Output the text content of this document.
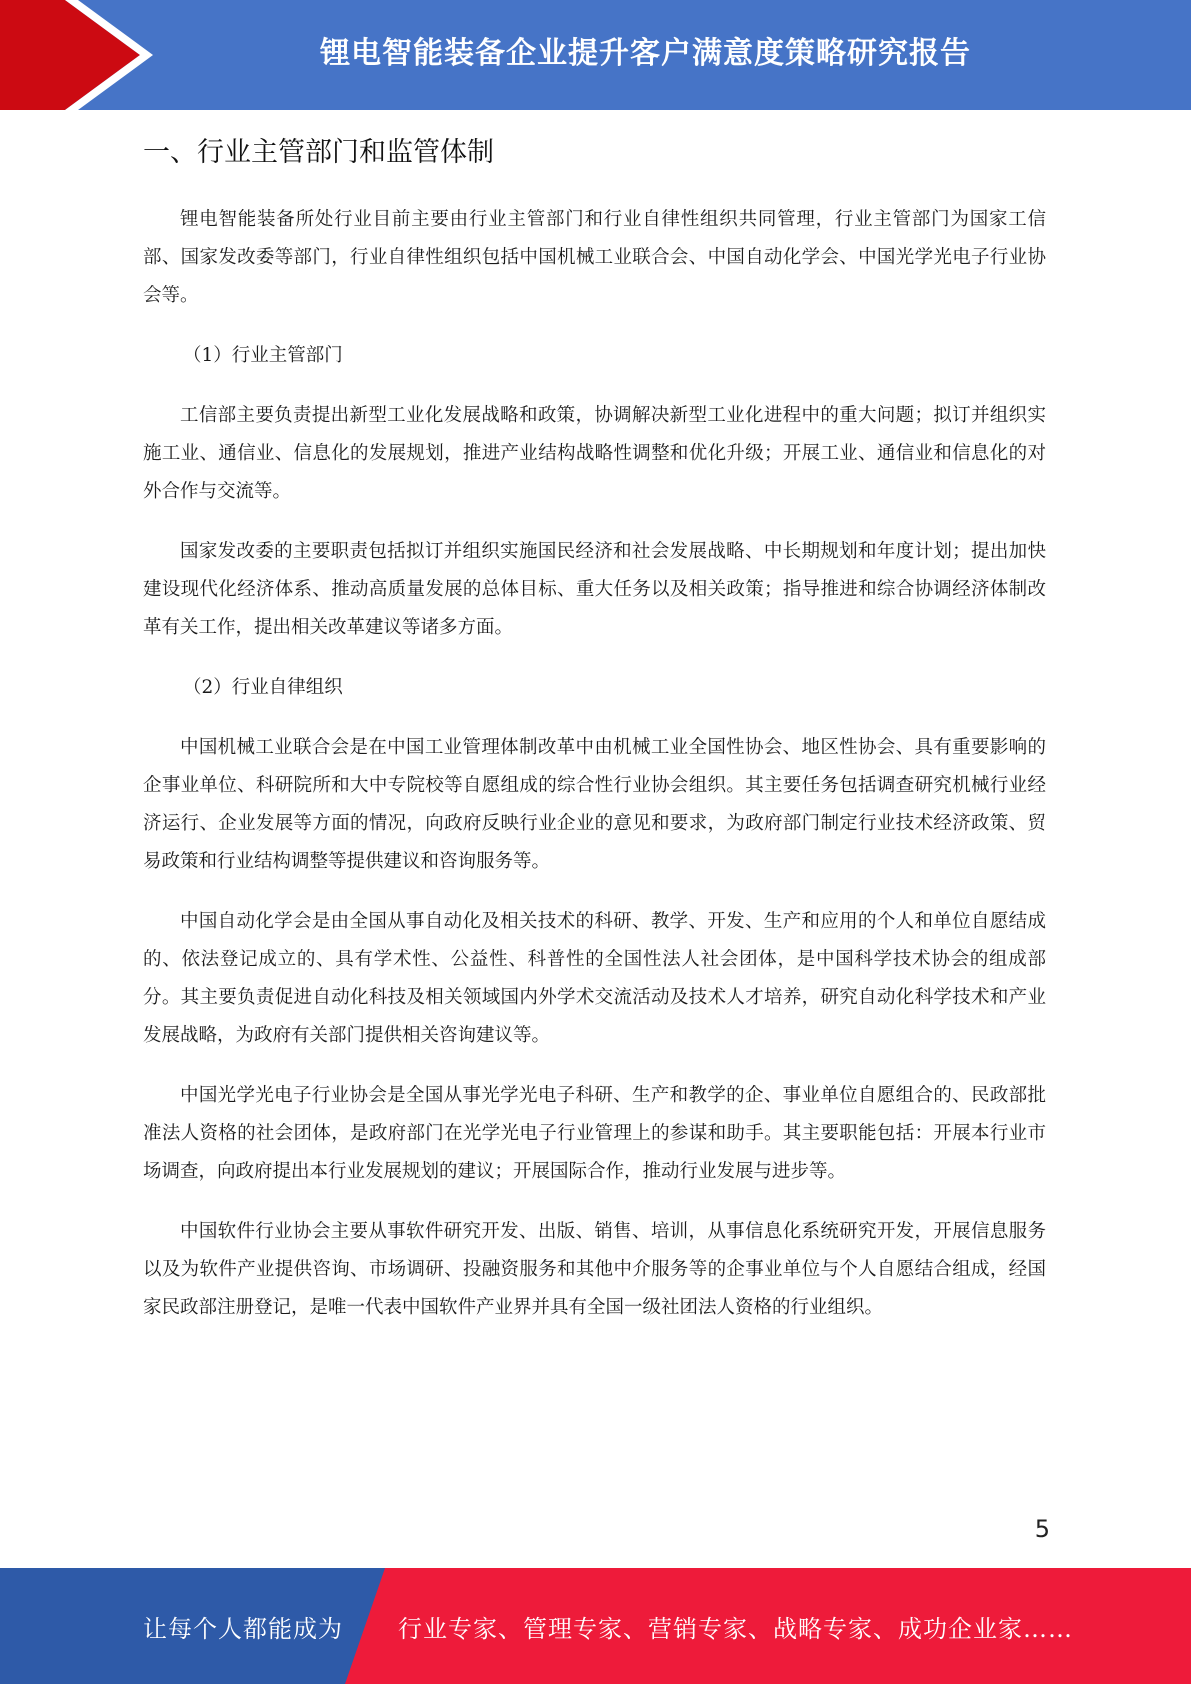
锂电智能装备企业提升客户满意度策略研究报告
一、行业主管部门和监管体制

锂电智能装备所处行业目前主要由行业主管部门和行业自律性组织共同管理，行业主管部门为国家工信部、国家发改委等部门，行业自律性组织包括中国机械工业联合会、中国自动化学会、中国光学光电子行业协会等。

（1）行业主管部门

工信部主要负责提出新型工业化发展战略和政策，协调解决新型工业化进程中的重大问题；拟订并组织实施工业、通信业、信息化的发展规划，推进产业结构战略性调整和优化升级；开展工业、通信业和信息化的对外合作与交流等。

国家发改委的主要职责包括拟订并组织实施国民经济和社会发展战略、中长期规划和年度计划；提出加快建设现代化经济体系、推动高质量发展的总体目标、重大任务以及相关政策；指导推进和综合协调经济体制改革有关工作，提出相关改革建议等诸多方面。

（2）行业自律组织

中国机械工业联合会是在中国工业管理体制改革中由机械工业全国性协会、地区性协会、具有重要影响的企事业单位、科研院所和大中专院校等自愿组成的综合性行业协会组织。其主要任务包括调查研究机械行业经济运行、企业发展等方面的情况，向政府反映行业企业的意见和要求，为政府部门制定行业技术经济政策、贸易政策和行业结构调整等提供建议和咨询服务等。

中国自动化学会是由全国从事自动化及相关技术的科研、教学、开发、生产和应用的个人和单位自愿结成的、依法登记成立的、具有学术性、公益性、科普性的全国性法人社会团体，是中国科学技术协会的组成部分。其主要负责促进自动化科技及相关领域国内外学术交流活动及技术人才培养，研究自动化科学技术和产业发展战略，为政府有关部门提供相关咨询建议等。

中国光学光电子行业协会是全国从事光学光电子科研、生产和教学的企、事业单位自愿组合的、民政部批准法人资格的社会团体，是政府部门在光学光电子行业管理上的参谋和助手。其主要职能包括：开展本行业市场调查，向政府提出本行业发展规划的建议；开展国际合作，推动行业发展与进步等。

中国软件行业协会主要从事软件研究开发、出版、销售、培训，从事信息化系统研究开发，开展信息服务以及为软件产业提供咨询、市场调研、投融资服务和其他中介服务等的企事业单位与个人自愿结合组成，经国家民政部注册登记，是唯一代表中国软件产业界并具有全国一级社团法人资格的行业组织。

5
让每个人都能成为 行业专家、管理专家、营销专家、战略专家、成功企业家……
